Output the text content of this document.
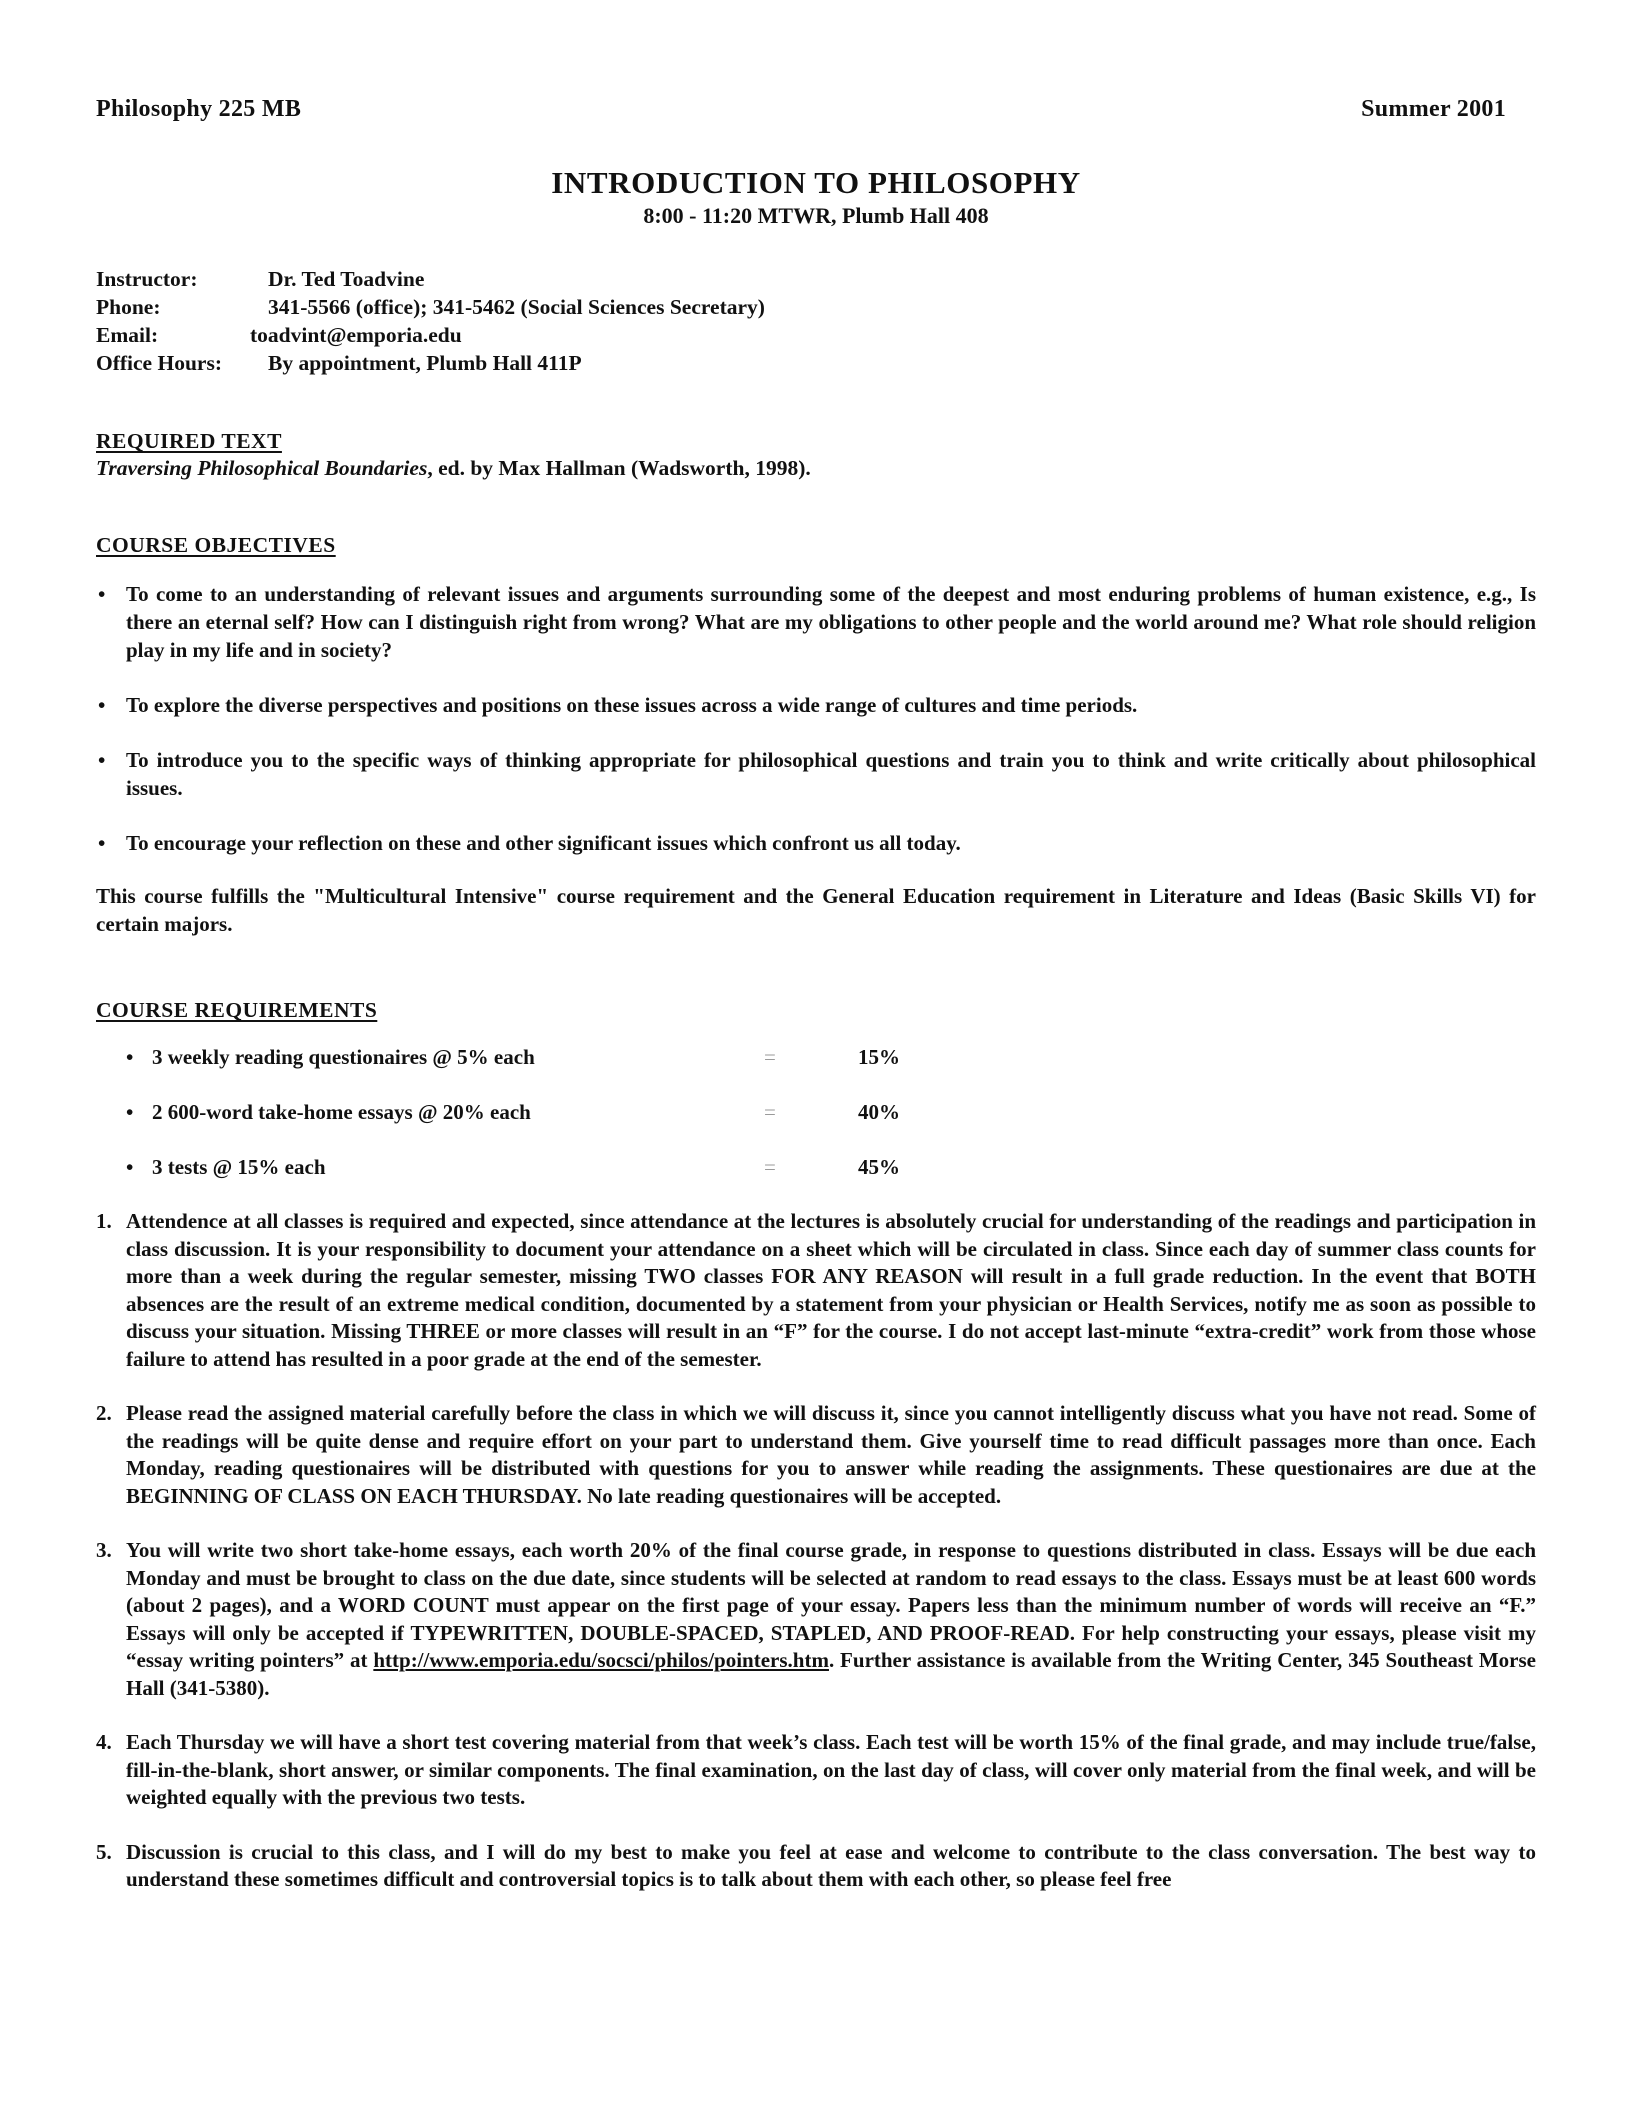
Philosophy 225 MB	Summer 2001
INTRODUCTION TO PHILOSOPHY
8:00 - 11:20 MTWR, Plumb Hall 408
Instructor:	Dr. Ted Toadvine
Phone:	341-5566 (office); 341-5462 (Social Sciences Secretary)
Email:	toadvint@emporia.edu
Office Hours:	By appointment, Plumb Hall 411P
REQUIRED TEXT
Traversing Philosophical Boundaries, ed. by Max Hallman (Wadsworth, 1998).
COURSE OBJECTIVES
• To come to an understanding of relevant issues and arguments surrounding some of the deepest and most enduring problems of human existence, e.g., Is there an eternal self? How can I distinguish right from wrong? What are my obligations to other people and the world around me? What role should religion play in my life and in society?
• To explore the diverse perspectives and positions on these issues across a wide range of cultures and time periods.
• To introduce you to the specific ways of thinking appropriate for philosophical questions and train you to think and write critically about philosophical issues.
• To encourage your reflection on these and other significant issues which confront us all today.
This course fulfills the "Multicultural Intensive" course requirement and the General Education requirement in Literature and Ideas (Basic Skills VI) for certain majors.
COURSE REQUIREMENTS
• 3 weekly reading questionaires @ 5% each	=	15%
• 2 600-word take-home essays @ 20% each	=	40%
• 3 tests @ 15% each	=	45%
1. Attendence at all classes is required and expected, since attendance at the lectures is absolutely crucial for understanding of the readings and participation in class discussion. It is your responsibility to document your attendance on a sheet which will be circulated in class. Since each day of summer class counts for more than a week during the regular semester, missing TWO classes FOR ANY REASON will result in a full grade reduction. In the event that BOTH absences are the result of an extreme medical condition, documented by a statement from your physician or Health Services, notify me as soon as possible to discuss your situation. Missing THREE or more classes will result in an “F” for the course. I do not accept last-minute “extra-credit” work from those whose failure to attend has resulted in a poor grade at the end of the semester.
2. Please read the assigned material carefully before the class in which we will discuss it, since you cannot intelligently discuss what you have not read. Some of the readings will be quite dense and require effort on your part to understand them. Give yourself time to read difficult passages more than once. Each Monday, reading questionaires will be distributed with questions for you to answer while reading the assignments. These questionaires are due at the BEGINNING OF CLASS ON EACH THURSDAY. No late reading questionaires will be accepted.
3. You will write two short take-home essays, each worth 20% of the final course grade, in response to questions distributed in class. Essays will be due each Monday and must be brought to class on the due date, since students will be selected at random to read essays to the class. Essays must be at least 600 words (about 2 pages), and a WORD COUNT must appear on the first page of your essay. Papers less than the minimum number of words will receive an “F.” Essays will only be accepted if TYPEWRITTEN, DOUBLE-SPACED, STAPLED, AND PROOF-READ. For help constructing your essays, please visit my “essay writing pointers” at http://www.emporia.edu/socsci/philos/pointers.htm. Further assistance is available from the Writing Center, 345 Southeast Morse Hall (341-5380).
4. Each Thursday we will have a short test covering material from that week’s class. Each test will be worth 15% of the final grade, and may include true/false, fill-in-the-blank, short answer, or similar components. The final examination, on the last day of class, will cover only material from the final week, and will be weighted equally with the previous two tests.
5. Discussion is crucial to this class, and I will do my best to make you feel at ease and welcome to contribute to the class conversation. The best way to understand these sometimes difficult and controversial topics is to talk about them with each other, so please feel free
